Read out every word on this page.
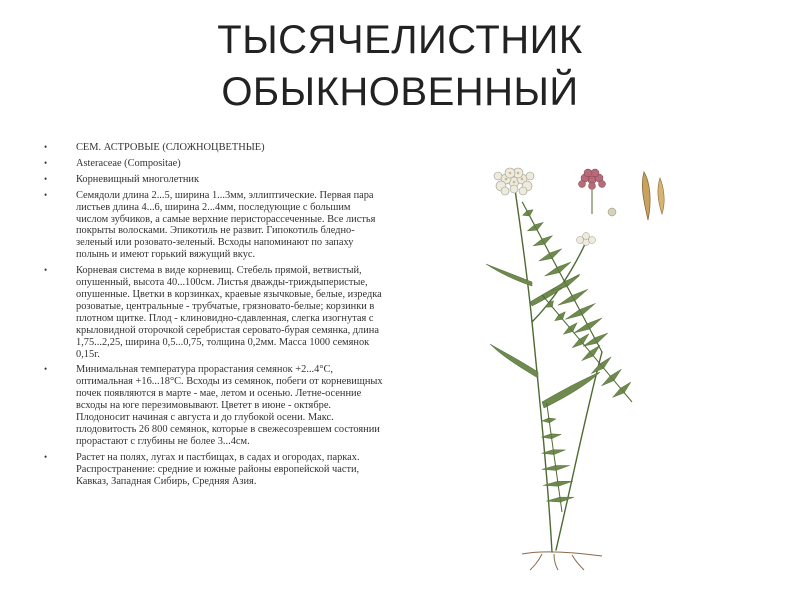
ТЫСЯЧЕЛИСТНИК
ОБЫКНОВЕННЫЙ
• СЕМ. АСТРОВЫЕ (СЛОЖНОЦВЕТНЫЕ)
• Asteraceae (Compositae)
• Корневищный многолетник
• Семядоли длина 2...5, ширина 1...3мм, эллиптические. Первая пара листьев длина 4...6, ширина 2...4мм, последующие с большим числом зубчиков, а самые верхние перисторассеченные. Все листья покрыты волосками. Эпикотиль не развит. Гипокотиль бледно-зеленый или розовато-зеленый. Всходы напоминают по запаху полынь и имеют горький вяжущий вкус.
• Корневая система в виде корневищ. Стебель прямой, ветвистый, опушенный, высота 40...100см. Листья дважды-триждыперистые, опушенные. Цветки в корзинках, краевые язычковые, белые, изредка розоватые, центральные - трубчатые, грязновато-белые; корзинки в плотном щитке. Плод - клиновидно-сдавленная, слегка изогнутая с крыловидной оторочкой серебристая серовато-бурая семянка, длина 1,75...2,25, ширина 0,5...0,75, толщина 0,2мм. Масса 1000 семянок 0,15г.
• Минимальная температура прорастания семянок +2...4°С, оптимальная +16...18°С. Всходы из семянок, побеги от корневищных почек появляются в марте - мае, летом и осенью. Летне-осенние всходы на юге перезимовывают. Цветет в июне - октябре. Плодоносит начиная с августа и до глубокой осени. Макс. плодовитость 26 800 семянок, которые в свежесозревшем состоянии прорастают с глубины не более 3...4см.
• Растет на полях, лугах и пастбищах, в садах и огородах, парках. Распространение: средние и южные районы европейской части, Кавказ, Западная Сибирь, Средняя Азия.
